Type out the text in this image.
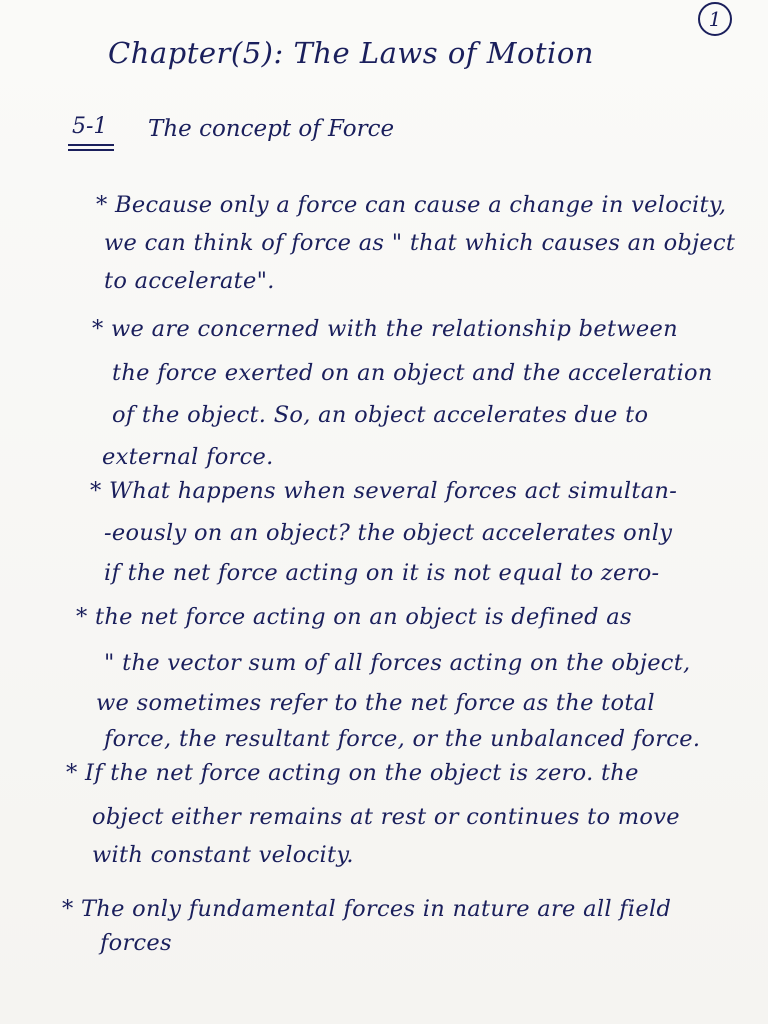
1
Chapter(5): The Laws of Motion
5-1 The concept of Force
* Because only a force can cause a change in velocity,
we can think of force as " that which causes an object
to accelerate".
* we are concerned with the relationship between
the force exerted on an object and the acceleration
of the object. So, an object accelerates due to
external force.
* What happens when several forces act simultan-
-eously on an object? the object accelerates only
if the net force acting on it is not equal to zero-
* the net force acting on an object is defined as
" the vector sum of all forces acting on the object,
we sometimes refer to the net force as the total
force, the resultant force, or the unbalanced force.
* If the net force acting on the object is zero. the
object either remains at rest or continues to move
with constant velocity.
* The only fundamental forces in nature are all field
forces
